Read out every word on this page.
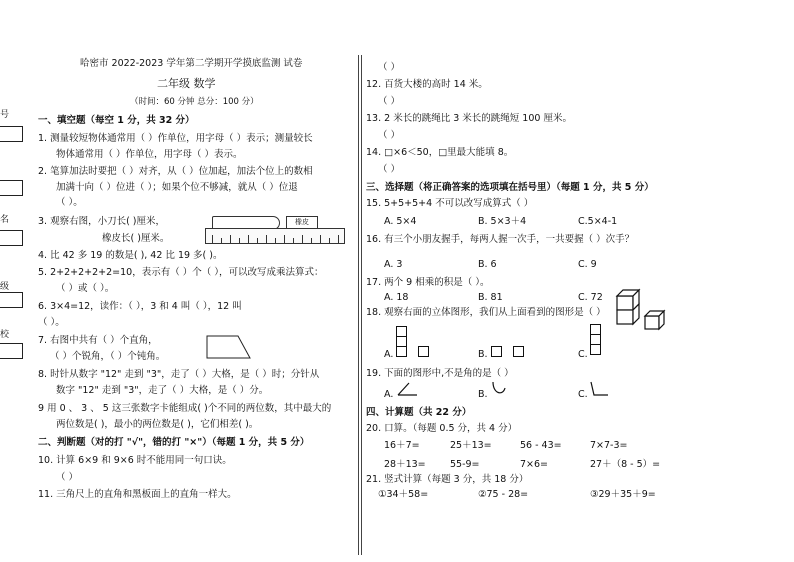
号
名
级
校
哈密市 2022-2023 学年第二学期开学摸底监测 试卷
二年级 数学
（时间：60 分钟 总分：100 分）
一、填空题（每空 1 分，共 32 分）
1. 测量较短物体通常用（ ）作单位，用字母（ ）表示；测量较长
物体通常用（ ）作单位，用字母（ ）表示。
2. 笔算加法时要把（ ）对齐，从（ ）位加起，加法个位上的数相
加满十向（ ）位进（ ）；如果个位不够减，就从（ ）位退
（ ）。
3. 观察右图，小刀长( )厘米，
橡皮长( )厘米。
橡皮
4. 比 42 多 19 的数是( ), 42 比 19 多( )。
5. 2+2+2+2+2=10，表示有（ ）个（ ），可以改写成乘法算式：
（ ）或（ ）。
6. 3×4=12，读作：（ ），3 和 4 叫（ ），12 叫
（ ）。
7. 右图中共有（ ）个直角，
（ ）个锐角，（ ）个钝角。
8. 时针从数字 "12" 走到 "3"，走了（ ）大格，是（ ）时；分针从
数字 "12" 走到 "3"，走了（ ）大格，是（ ）分。
9 用 0 、 3 、 5 这三张数字卡能组成( )个不同的两位数，其中最大的
两位数是( )，最小的两位数是( )，它们相差( )。
二、判断题（对的打 "√"，错的打 "×"）（每题 1 分，共 5 分）
10. 计算 6×9 和 9×6 时不能用同一句口诀。
（ ）
11. 三角尺上的直角和黑板面上的直角一样大。
（ ）
12. 百货大楼的高时 14 米。
（ ）
13. 2 米长的跳绳比 3 米长的跳绳短 100 厘米。
（ ）
14. □×6＜50，□里最大能填 8。
（ ）
三、选择题（将正确答案的选项填在括号里）（每题 1 分，共 5 分）
15. 5+5+5+4 不可以改写成算式（ ）
A. 5×4	B. 5×3＋4	C.5×4-1
16. 有三个小朋友握手，每两人握一次手，一共要握（ ）次手？
A. 3	B. 6	C. 9
17. 两个 9 相乘的积是（ ）。
A. 18	B. 81	C. 72
18. 观察右面的立体图形，我们从上面看到的图形是（ ）
A.	B.	C.
19. 下面的图形中,不是角的是（ ）
A.	B.	C.
四、计算题（共 22 分）
20. 口算。（每题 0.5 分，共 4 分）
16＋7=	25＋13=	56 - 43=	7×7-3=
28＋13=	55-9=	7×6=	27＋（8 - 5）=
21. 竖式计算（每题 3 分，共 18 分）
①34＋58=	②75 - 28=	③29＋35＋9=
